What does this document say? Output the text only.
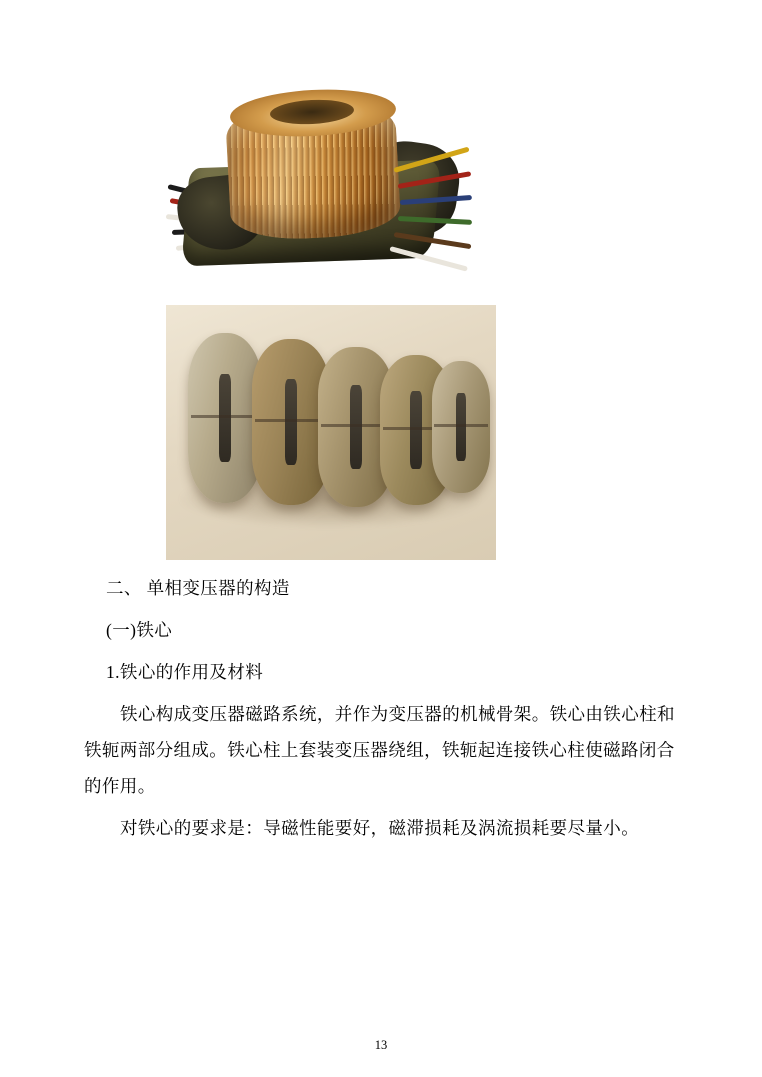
二、 单相变压器的构造

(一)铁心

1.铁心的作用及材料

铁心构成变压器磁路系统，并作为变压器的机械骨架。铁心由铁心柱和铁轭两部分组成。铁心柱上套装变压器绕组，铁轭起连接铁心柱使磁路闭合的作用。

对铁心的要求是：导磁性能要好，磁滞损耗及涡流损耗要尽量小。

13
